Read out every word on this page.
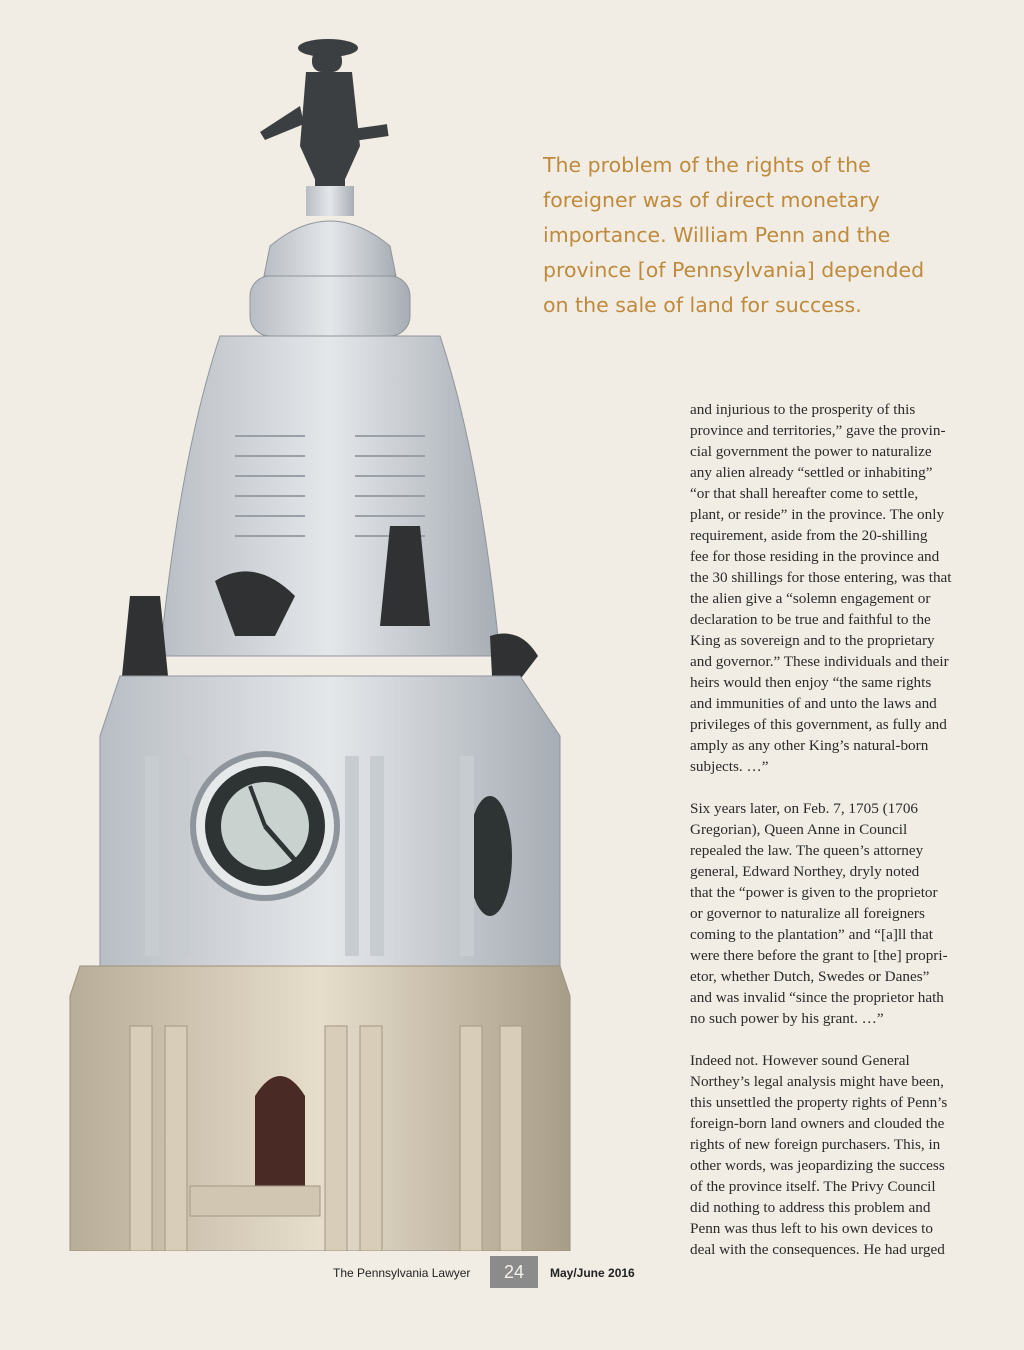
The problem of the rights of the
foreigner was of direct monetary
importance. William Penn and the
province [of Pennsylvania] depended
on the sale of land for success.

and injurious to the prosperity of this
province and territories,” gave the provin-
cial government the power to naturalize
any alien already “settled or inhabiting”
“or that shall hereafter come to settle,
plant, or reside” in the province. The only
requirement, aside from the 20-shilling
fee for those residing in the province and
the 30 shillings for those entering, was that
the alien give a “solemn engagement or
declaration to be true and faithful to the
King as sovereign and to the proprietary
and governor.” These individuals and their
heirs would then enjoy “the same rights
and immunities of and unto the laws and
privileges of this government, as fully and
amply as any other King’s natural-born
subjects. …”

Six years later, on Feb. 7, 1705 (1706
Gregorian), Queen Anne in Council
repealed the law. The queen’s attorney
general, Edward Northey, dryly noted
that the “power is given to the proprietor
or governor to naturalize all foreigners
coming to the plantation” and “[a]ll that
were there before the grant to [the] propri-
etor, whether Dutch, Swedes or Danes”
and was invalid “since the proprietor hath
no such power by his grant. …”

Indeed not. However sound General
Northey’s legal analysis might have been,
this unsettled the property rights of Penn’s
foreign-born land owners and clouded the
rights of new foreign purchasers. This, in
other words, was jeopardizing the success
of the province itself. The Privy Council
did nothing to address this problem and
Penn was thus left to his own devices to
deal with the consequences. He had urged

The Pennsylvania Lawyer	24	May/June 2016
